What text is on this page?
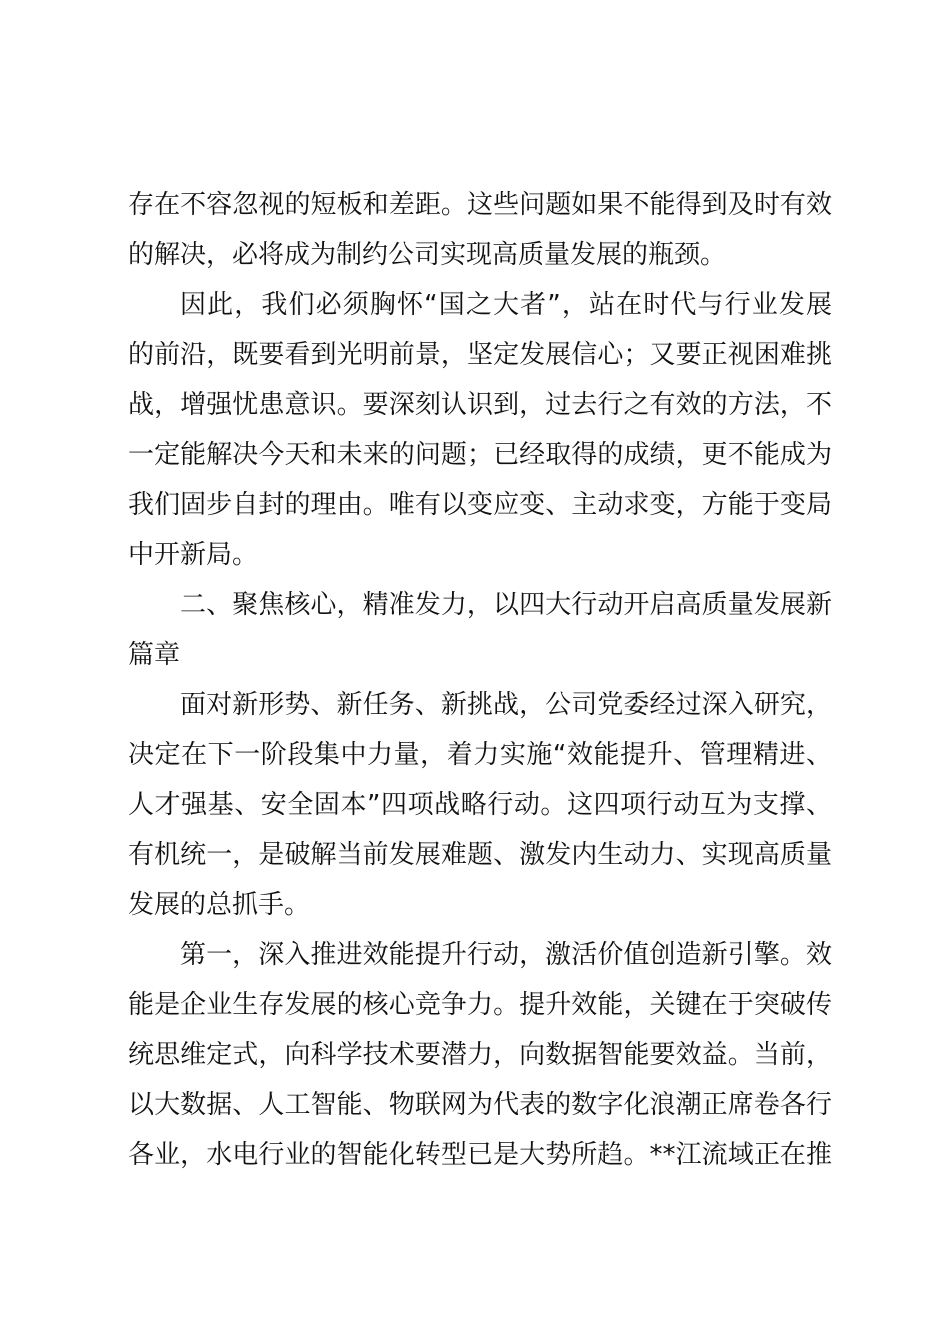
存在不容忽视的短板和差距。这些问题如果不能得到及时有效
的解决，必将成为制约公司实现高质量发展的瓶颈。
因此，我们必须胸怀“国之大者”，站在时代与行业发展
的前沿，既要看到光明前景，坚定发展信心；又要正视困难挑
战，增强忧患意识。要深刻认识到，过去行之有效的方法，不
一定能解决今天和未来的问题；已经取得的成绩，更不能成为
我们固步自封的理由。唯有以变应变、主动求变，方能于变局
中开新局。
二、聚焦核心，精准发力，以四大行动开启高质量发展新
篇章
面对新形势、新任务、新挑战，公司党委经过深入研究，
决定在下一阶段集中力量，着力实施“效能提升、管理精进、
人才强基、安全固本”四项战略行动。这四项行动互为支撑、
有机统一，是破解当前发展难题、激发内生动力、实现高质量
发展的总抓手。
第一，深入推进效能提升行动，激活价值创造新引擎。效
能是企业生存发展的核心竞争力。提升效能，关键在于突破传
统思维定式，向科学技术要潜力，向数据智能要效益。当前，
以大数据、人工智能、物联网为代表的数字化浪潮正席卷各行
各业，水电行业的智能化转型已是大势所趋。**江流域正在推
